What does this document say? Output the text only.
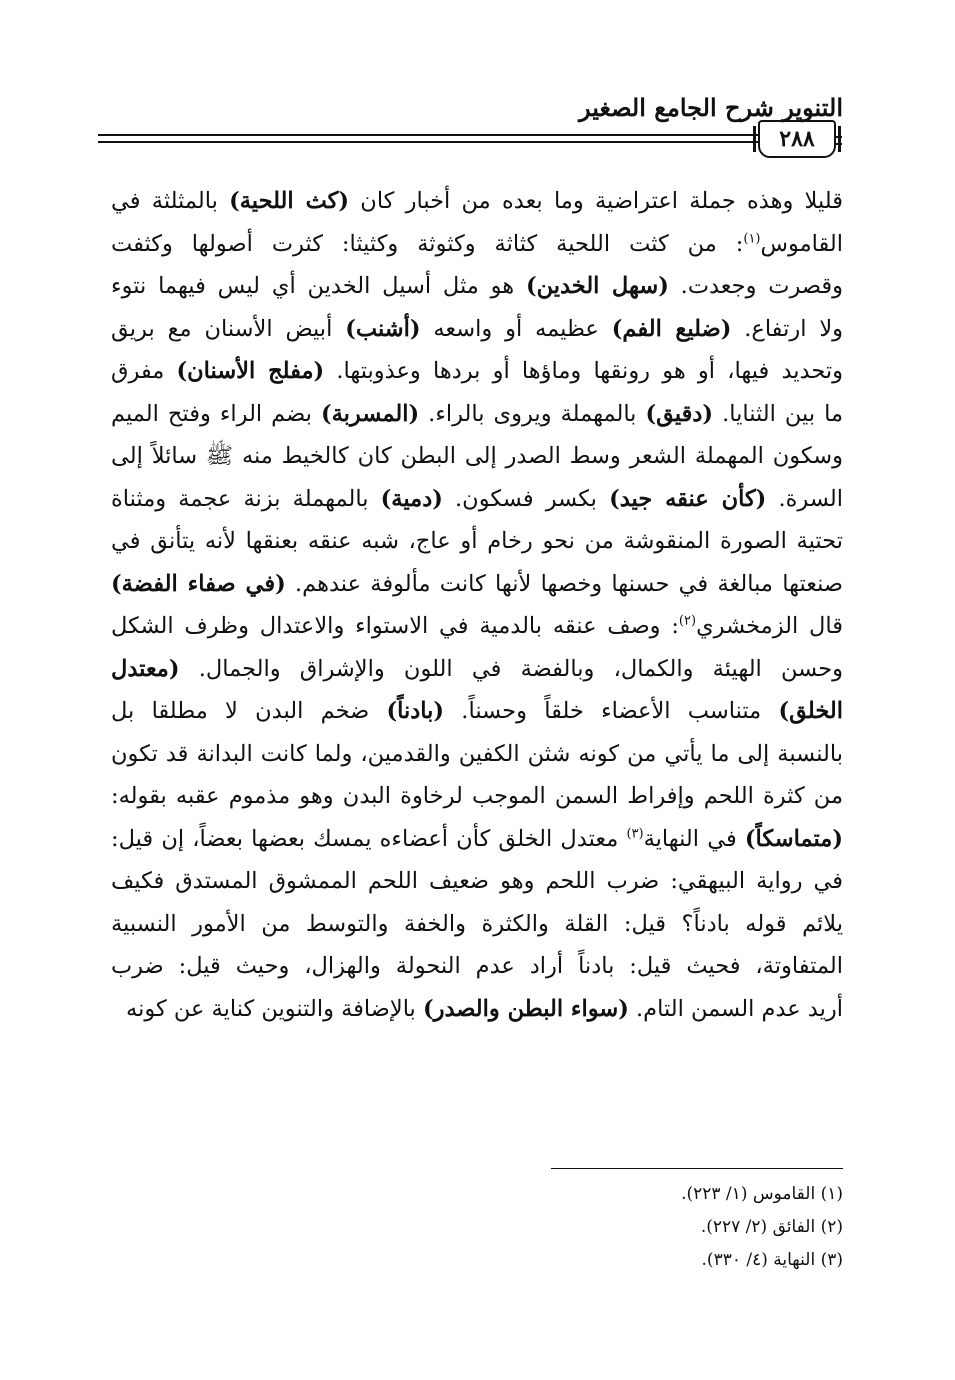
التنوير شرح الجامع الصغير
٢٨٨
قليلا وهذه جملة اعتراضية وما بعده من أخبار كان (كث اللحية) بالمثلثة في
القاموس$^{(١)}$: من كثت اللحية كثاثة وكثوثة وكثيثا: كثرت أصولها وكثفت
وقصرت وجعدت. (سهل الخدين) هو مثل أسيل الخدين أي ليس فيهما نتوء
ولا ارتفاع. (ضليع الفم) عظيمه أو واسعه (أشنب) أبيض الأسنان مع بريق
وتحديد فيها، أو هو رونقها وماؤها أو بردها وعذوبتها. (مفلج الأسنان) مفرق
ما بين الثنايا. (دقيق) بالمهملة ويروى بالراء. (المسربة) بضم الراء وفتح الميم
وسكون المهملة الشعر وسط الصدر إلى البطن كان كالخيط منه ﷺ سائلاً إلى
السرة. (كأن عنقه جيد) بكسر فسكون. (دمية) بالمهملة بزنة عجمة ومثناة
تحتية الصورة المنقوشة من نحو رخام أو عاج، شبه عنقه بعنقها لأنه يتأنق في
صنعتها مبالغة في حسنها وخصها لأنها كانت مألوفة عندهم. (في صفاء الفضة)
قال الزمخشري$^{(٢)}$: وصف عنقه بالدمية في الاستواء والاعتدال وظرف الشكل
وحسن الهيئة والكمال، وبالفضة في اللون والإشراق والجمال. (معتدل
الخلق) متناسب الأعضاء خلقاً وحسناً. (بادناً) ضخم البدن لا مطلقا بل
بالنسبة إلى ما يأتي من كونه شثن الكفين والقدمين، ولما كانت البدانة قد تكون
من كثرة اللحم وإفراط السمن الموجب لرخاوة البدن وهو مذموم عقبه بقوله:
(متماسكاً) في النهاية$^{(٣)}$ معتدل الخلق كأن أعضاءه يمسك بعضها بعضاً، إن قيل:
في رواية البيهقي: ضرب اللحم وهو ضعيف اللحم الممشوق المستدق فكيف
يلائم قوله بادناً؟ قيل: القلة والكثرة والخفة والتوسط من الأمور النسبية
المتفاوتة، فحيث قيل: بادناً أراد عدم النحولة والهزال، وحيث قيل: ضرب
أريد عدم السمن التام. (سواء البطن والصدر) بالإضافة والتنوين كناية عن كونه
(١) القاموس (١/ ٢٢٣).
(٢) الفائق (٢/ ٢٢٧).
(٣) النهاية (٤/ ٣٣٠).
